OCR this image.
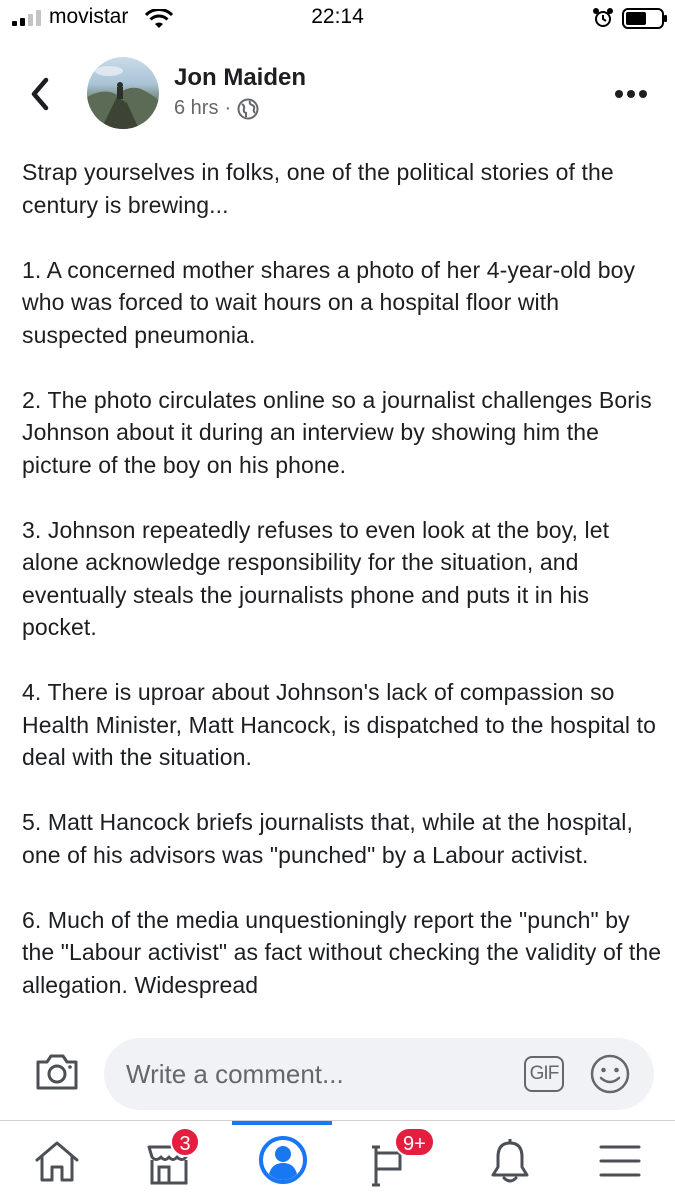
movistar	22:14
Jon Maiden
6 hrs ·

Strap yourselves in folks, one of the political stories of the century is brewing...

1. A concerned mother shares a photo of her 4-year-old boy who was forced to wait hours on a hospital floor with suspected pneumonia.

2. The photo circulates online so a journalist challenges Boris Johnson about it during an interview by showing him the picture of the boy on his phone.

3. Johnson repeatedly refuses to even look at the boy, let alone acknowledge responsibility for the situation, and eventually steals the journalists phone and puts it in his pocket.

4. There is uproar about Johnson's lack of compassion so Health Minister, Matt Hancock, is dispatched to the hospital to deal with the situation.

5. Matt Hancock briefs journalists that, while at the hospital, one of his advisors was "punched" by a Labour activist.

6. Much of the media unquestioningly report the "punch" by the "Labour activist" as fact without checking the validity of the allegation. Widespread

Write a comment...
GIF
3	9+
